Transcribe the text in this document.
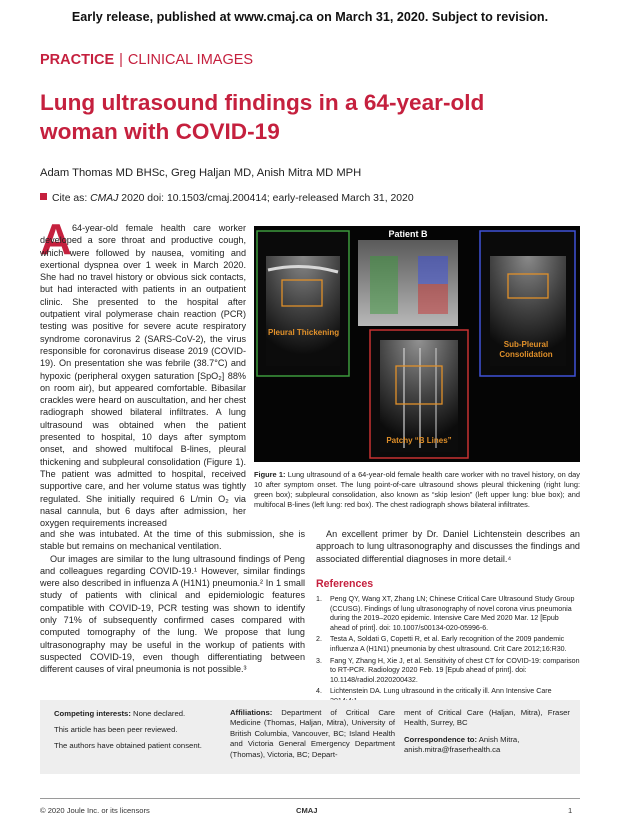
Early release, published at www.cmaj.ca on March 31, 2020. Subject to revision.
PRACTICE | CLINICAL IMAGES
Lung ultrasound findings in a 64-year-old woman with COVID-19
Adam Thomas MD BHSc, Greg Haljan MD, Anish Mitra MD MPH
Cite as: CMAJ 2020 doi: 10.1503/cmaj.200414; early-released March 31, 2020
A 64-year-old female health care worker developed a sore throat and productive cough, which were followed by nausea, vomiting and exertional dyspnea over 1 week in March 2020. She had no travel history or obvious sick contacts, but had interacted with patients in an outpatient clinic. She presented to the hospital after outpatient viral polymerase chain reaction (PCR) testing was positive for severe acute respiratory syndrome coronavirus 2 (SARS-CoV-2), the virus responsible for coronavirus disease 2019 (COVID-19). On presentation she was febrile (38.7°C) and hypoxic (peripheral oxygen saturation [SpO₂] 88% on room air), but appeared comfortable. Bibasilar crackles were heard on auscultation, and her chest radiograph showed bilateral infiltrates. A lung ultrasound was obtained when the patient presented to hospital, 10 days after symptom onset, and showed multifocal B-lines, pleural thickening and subpleural consolidation (Figure 1). The patient was admitted to hospital, received supportive care, and her volume status was tightly regulated. She initially required 6 L/min O₂ via nasal cannula, but 6 days after admission, her oxygen requirements increased

Pleural Thickening
Patient B
Sub-Pleural
Consolidation
Patchy “B Lines”
Figure 1: Lung ultrasound of a 64-year-old female health care worker with no travel history, on day 10 after symptom onset. The lung point-of-care ultrasound shows pleural thickening (right lung: green box); subpleural consolidation, also known as “skip lesion” (left upper lung: blue box); and multifocal B-lines (left lung: red box). The chest radiograph shows bilateral infiltrates.

and she was intubated. At the time of this submission, she is stable but remains on mechanical ventilation.

Our images are similar to the lung ultrasound findings of Peng and colleagues regarding COVID-19.¹ However, similar findings were also described in influenza A (H1N1) pneumonia.² In 1 small study of patients with clinical and epidemiologic features compatible with COVID-19, PCR testing was shown to identify only 71% of subsequently confirmed cases compared with computed tomography of the lung. We propose that lung ultrasonography may be useful in the workup of patients with suspected COVID-19, even though differentiating between different causes of viral pneumonia is not possible.³

An excellent primer by Dr. Daniel Lichtenstein describes an approach to lung ultrasonography and discusses the findings and associated differential diagnoses in more detail.⁴

References
1. Peng QY, Wang XT, Zhang LN; Chinese Critical Care Ultrasound Study Group (CCUSG). Findings of lung ultrasonography of novel corona virus pneumonia during the 2019–2020 epidemic. Intensive Care Med 2020 Mar. 12 [Epub ahead of print]. doi: 10.1007/s00134-020-05996-6.
2. Testa A, Soldati G, Copetti R, et al. Early recognition of the 2009 pandemic influenza A (H1N1) pneumonia by chest ultrasound. Crit Care 2012;16:R30.
3. Fang Y, Zhang H, Xie J, et al. Sensitivity of chest CT for COVID-19: comparison to RT-PCR. Radiology 2020 Feb. 19 [Epub ahead of print]. doi: 10.1148/radiol.2020200432.
4. Lichtenstein DA. Lung ultrasound in the critically ill. Ann Intensive Care

Competing interests: None declared.

This article has been peer reviewed.

The authors have obtained patient consent.

Affiliations: Department of Critical Care Medicine (Thomas, Haljan, Mitra), University of British Columbia, Vancouver, BC; Island Health and Victoria General Emergency Department (Thomas), Victoria, BC; Depart-
ment of Critical Care (Haljan, Mitra), Fraser Health, Surrey, BC
Correspondence to: Anish Mitra,
anish.mitra@fraserhealth.ca
© 2020 Joule Inc. or its licensors	CMAJ	1
